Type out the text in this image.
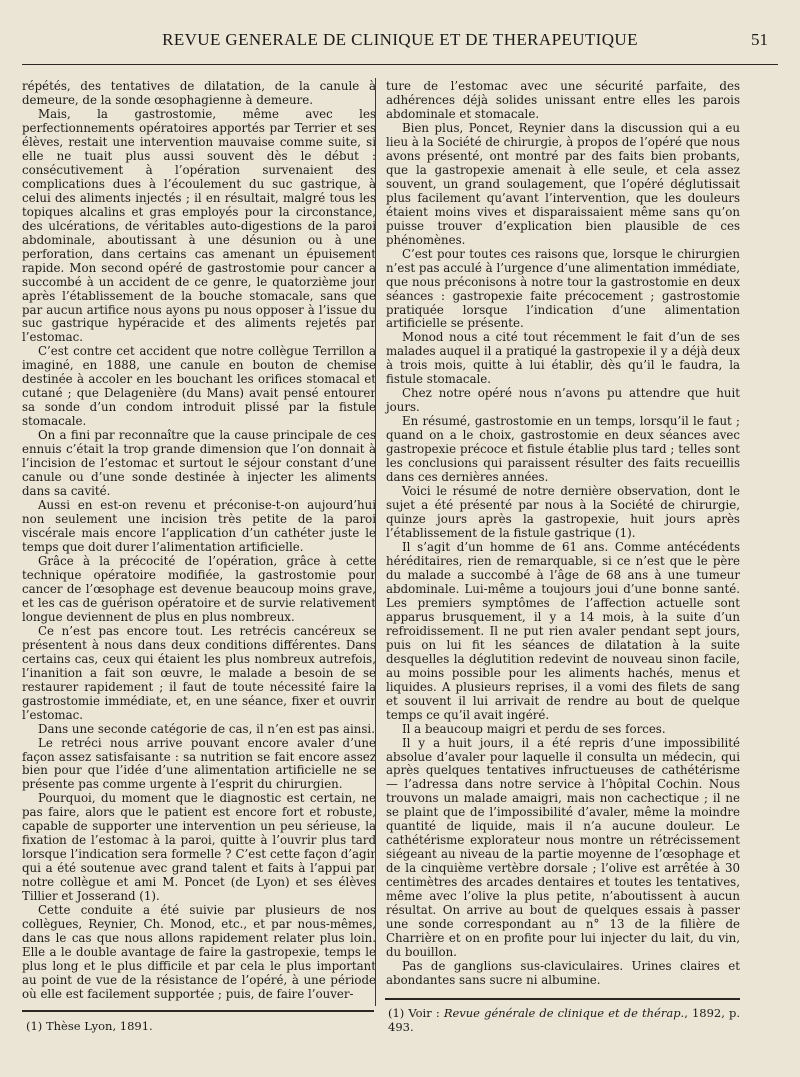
REVUE GENERALE DE CLINIQUE ET DE THERAPEUTIQUE	51

répétés, des tentatives de dilatation, de la canule à demeure, de la sonde œsophagienne à demeure.

Mais, la gastrostomie, même avec les perfectionnements opératoires apportés par Terrier et ses élèves, restait une intervention mauvaise comme suite, si elle ne tuait plus aussi souvent dès le début : consécutivement à l’opération survenaient des complications dues à l’écoulement du suc gastrique, à celui des aliments injectés ; il en résultait, malgré tous les topiques alcalins et gras employés pour la circonstance, des ulcérations, de véritables auto-digestions de la paroi abdominale, aboutissant à une désunion ou à une perforation, dans certains cas amenant un épuisement rapide. Mon second opéré de gastrostomie pour cancer a succombé à un accident de ce genre, le quatorzième jour après l’établissement de la bouche stomacale, sans que par aucun artifice nous ayons pu nous opposer à l’issue du suc gastrique hypéracide et des aliments rejetés par l’estomac.

C’est contre cet accident que notre collègue Terrillon a imaginé, en 1888, une canule en bouton de chemise destinée à accoler en les bouchant les orifices stomacal et cutané ; que Delagenière (du Mans) avait pensé entourer sa sonde d’un condom introduit plissé par la fistule stomacale.

On a fini par reconnaître que la cause principale de ces ennuis c’était la trop grande dimension que l’on donnait à l’incision de l’estomac et surtout le séjour constant d’une canule ou d’une sonde destinée à injecter les aliments dans sa cavité.

Aussi en est-on revenu et préconise-t-on aujourd’hui non seulement une incision très petite de la paroi viscérale mais encore l’application d’un cathéter juste le temps que doit durer l’alimentation artificielle.

Grâce à la précocité de l’opération, grâce à cette technique opératoire modifiée, la gastrostomie pour cancer de l’œsophage est devenue beaucoup moins grave, et les cas de guérison opératoire et de survie relativement longue deviennent de plus en plus nombreux.

Ce n’est pas encore tout. Les retrécis cancéreux se présentent à nous dans deux conditions différentes. Dans certains cas, ceux qui étaient les plus nombreux autrefois, l’inanition a fait son œuvre, le malade a besoin de se restaurer rapidement ; il faut de toute nécessité faire la gastrostomie immédiate, et, en une séance, fixer et ouvrir l’estomac.

Dans une seconde catégorie de cas, il n’en est pas ainsi.

Le retréci nous arrive pouvant encore avaler d’une façon assez satisfaisante : sa nutrition se fait encore assez bien pour que l’idée d’une alimentation artificielle ne se présente pas comme urgente à l’esprit du chirurgien.

Pourquoi, du moment que le diagnostic est certain, ne pas faire, alors que le patient est encore fort et robuste, capable de supporter une intervention un peu sérieuse, la fixation de l’estomac à la paroi, quitte à l’ouvrir plus tard lorsque l’indication sera formelle ? C’est cette façon d’agir qui a été soutenue avec grand talent et faits à l’appui par notre collègue et ami M. Poncet (de Lyon) et ses élèves Tillier et Josserand (1).

Cette conduite a été suivie par plusieurs de nos collègues, Reynier, Ch. Monod, etc., et par nous-mêmes, dans le cas que nous allons rapidement relater plus loin. Elle a le double avantage de faire la gastropexie, temps le plus long et le plus difficile et par cela le plus important au point de vue de la résistance de l’opéré, à une période où elle est facilement supportée ; puis, de faire l’ouver-

ture de l’estomac avec une sécurité parfaite, des adhérences déjà solides unissant entre elles les parois abdominale et stomacale.

Bien plus, Poncet, Reynier dans la discussion qui a eu lieu à la Société de chirurgie, à propos de l’opéré que nous avons présenté, ont montré par des faits bien probants, que la gastropexie amenait à elle seule, et cela assez souvent, un grand soulagement, que l’opéré déglutissait plus facilement qu’avant l’intervention, que les douleurs étaient moins vives et disparaissaient même sans qu’on puisse trouver d’explication bien plausible de ces phénomènes.

C’est pour toutes ces raisons que, lorsque le chirurgien n’est pas acculé à l’urgence d’une alimentation immédiate, que nous préconisons à notre tour la gastrostomie en deux séances : gastropexie faite précocement ; gastrostomie pratiquée lorsque l’indication d’une alimentation artificielle se présente.

Monod nous a cité tout récemment le fait d’un de ses malades auquel il a pratiqué la gastropexie il y a déjà deux à trois mois, quitte à lui établir, dès qu’il le faudra, la fistule stomacale.

Chez notre opéré nous n’avons pu attendre que huit jours.

En résumé, gastrostomie en un temps, lorsqu’il le faut ; quand on a le choix, gastrostomie en deux séances avec gastropexie précoce et fistule établie plus tard ; telles sont les conclusions qui paraissent résulter des faits recueillis dans ces dernières années.

Voici le résumé de notre dernière observation, dont le sujet a été présenté par nous à la Société de chirurgie, quinze jours après la gastropexie, huit jours après l’établissement de la fistule gastrique (1).

Il s’agit d’un homme de 61 ans. Comme antécédents héréditaires, rien de remarquable, si ce n’est que le père du malade a succombé à l’âge de 68 ans à une tumeur abdominale. Lui-même a toujours joui d’une bonne santé. Les premiers symptômes de l’affection actuelle sont apparus brusquement, il y a 14 mois, à la suite d’un refroidissement. Il ne put rien avaler pendant sept jours, puis on lui fit les séances de dilatation à la suite desquelles la déglutition redevint de nouveau sinon facile, au moins possible pour les aliments hachés, menus et liquides. A plusieurs reprises, il a vomi des filets de sang et souvent il lui arrivait de rendre au bout de quelque temps ce qu’il avait ingéré.

Il a beaucoup maigri et perdu de ses forces.

Il y a huit jours, il a été repris d’une impossibilité absolue d’avaler pour laquelle il consulta un médecin, qui après quelques tentatives infructueuses de cathétérisme — l’adressa dans notre service à l’hôpital Cochin. Nous trouvons un malade amaigri, mais non cachectique ; il ne se plaint que de l’impossibilité d’avaler, même la moindre quantité de liquide, mais il n’a aucune douleur. Le cathétérisme explorateur nous montre un rétrécissement siégeant au niveau de la partie moyenne de l’œsophage et de la cinquième vertèbre dorsale ; l’olive est arrêtée à 30 centimètres des arcades dentaires et toutes les tentatives, même avec l’olive la plus petite, n’aboutissent à aucun résultat. On arrive au bout de quelques essais à passer une sonde correspondant au n° 13 de la filière de Charrière et on en profite pour lui injecter du lait, du vin, du bouillon.

Pas de ganglions sus-claviculaires. Urines claires et abondantes sans sucre ni albumine.

(1) Thèse Lyon, 1891.
(1) Voir : Revue générale de clinique et de thérap., 1892, p. 493.
